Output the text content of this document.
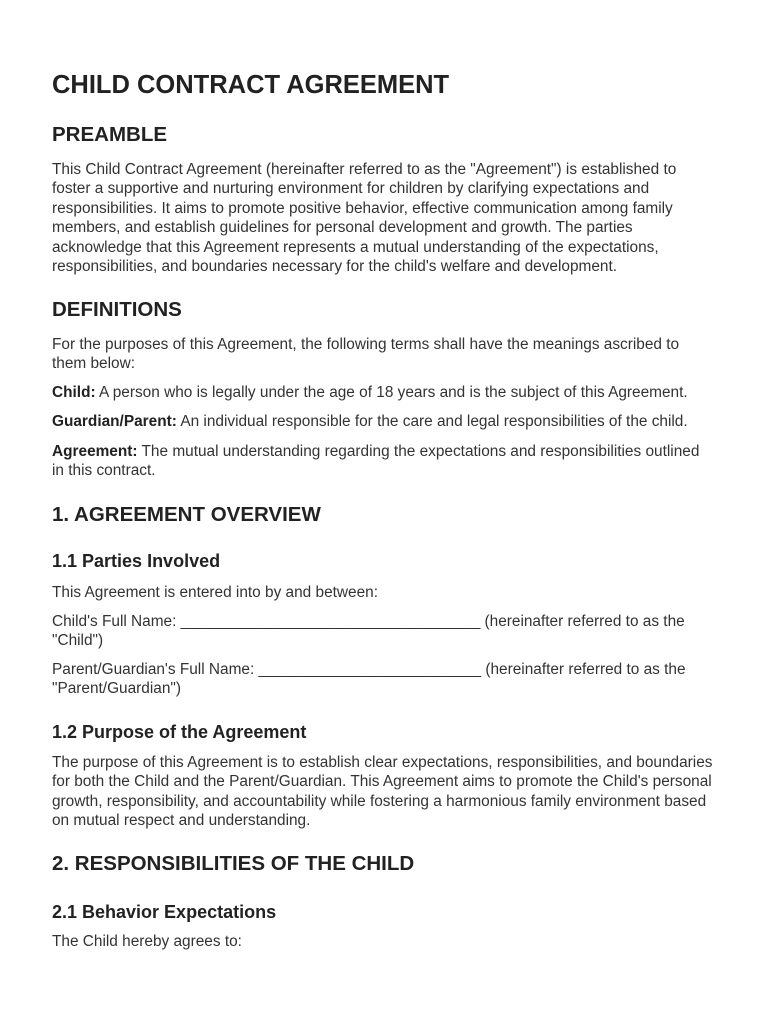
CHILD CONTRACT AGREEMENT
PREAMBLE
This Child Contract Agreement (hereinafter referred to as the "Agreement") is established to
foster a supportive and nurturing environment for children by clarifying expectations and
responsibilities. It aims to promote positive behavior, effective communication among family
members, and establish guidelines for personal development and growth. The parties
acknowledge that this Agreement represents a mutual understanding of the expectations,
responsibilities, and boundaries necessary for the child's welfare and development.
DEFINITIONS
For the purposes of this Agreement, the following terms shall have the meanings ascribed to
them below:
Child: A person who is legally under the age of 18 years and is the subject of this Agreement.
Guardian/Parent: An individual responsible for the care and legal responsibilities of the child.
Agreement: The mutual understanding regarding the expectations and responsibilities outlined
in this contract.
1. AGREEMENT OVERVIEW
1.1 Parties Involved
This Agreement is entered into by and between:
Child's Full Name: ___________________________________ (hereinafter referred to as the
"Child")
Parent/Guardian's Full Name: __________________________ (hereinafter referred to as the
"Parent/Guardian")
1.2 Purpose of the Agreement
The purpose of this Agreement is to establish clear expectations, responsibilities, and boundaries
for both the Child and the Parent/Guardian. This Agreement aims to promote the Child's personal
growth, responsibility, and accountability while fostering a harmonious family environment based
on mutual respect and understanding.
2. RESPONSIBILITIES OF THE CHILD
2.1 Behavior Expectations
The Child hereby agrees to:
